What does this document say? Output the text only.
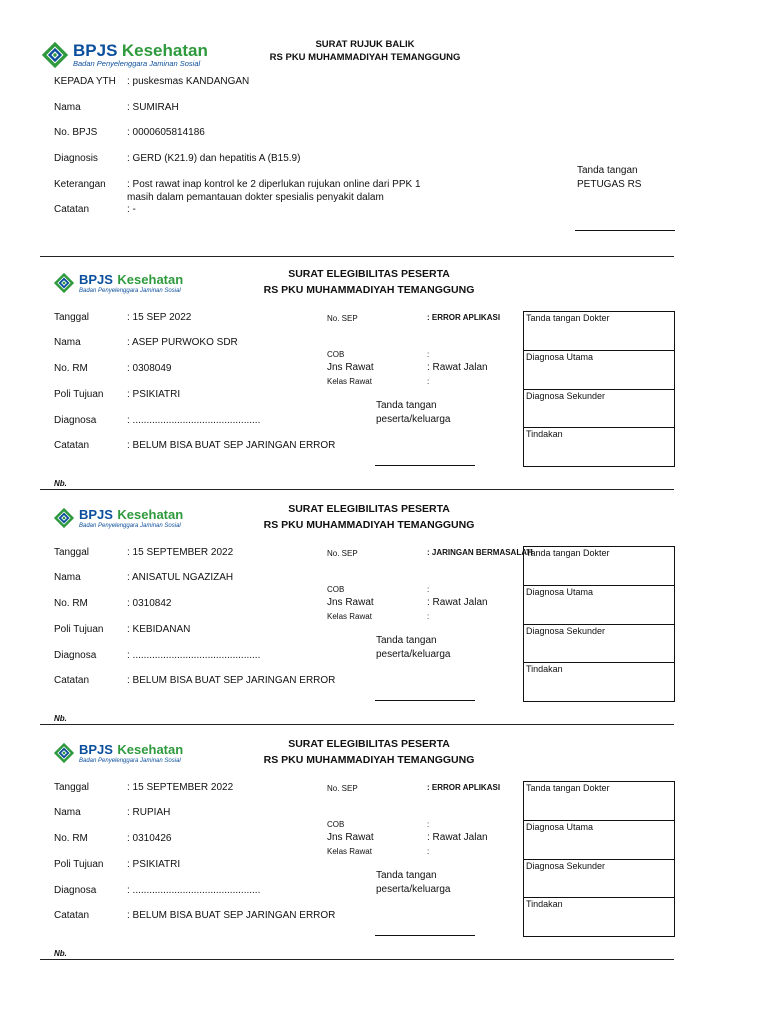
BPJS Kesehatan
Badan Penyelenggara Jaminan Sosial
SURAT RUJUK BALIK
RS PKU MUHAMMADIYAH TEMANGGUNG
KEPADA YTH : puskesmas KANDANGAN
Nama	: SUMIRAH
No. BPJS	: 0000605814186
Diagnosis	: GERD (K21.9) dan hepatitis A (B15.9)
Keterangan : Post rawat inap kontrol ke 2 diperlukan rujukan online dari PPK 1
masih dalam pemantauan dokter spesialis penyakit dalam
Catatan	: -
Tanda tangan
PETUGAS RS
BPJS Kesehatan
Badan Penyelenggara Jaminan Sosial
SURAT ELEGIBILITAS PESERTA
RS PKU MUHAMMADIYAH TEMANGGUNG
Tanggal	: 15 SEP 2022
Nama	: ASEP PURWOKO SDR
No. RM	: 0308049
Poli Tujuan : PSIKIATRI
Diagnosa	: ..............................................
Catatan	: BELUM BISA BUAT SEP JARINGAN ERROR
No. SEP	: ERROR APLIKASI
COB	:
Jns Rawat	: Rawat Jalan
Kelas Rawat	:
Tanda tangan
peserta/keluarga
Tanda tangan Dokter
Diagnosa Utama
Diagnosa Sekunder
Tindakan
Nb.
BPJS Kesehatan
Badan Penyelenggara Jaminan Sosial
SURAT ELEGIBILITAS PESERTA
RS PKU MUHAMMADIYAH TEMANGGUNG
Tanggal	: 15 SEPTEMBER 2022
Nama	: ANISATUL NGAZIZAH
No. RM	: 0310842
Poli Tujuan : KEBIDANAN
Diagnosa	: ..............................................
Catatan	: BELUM BISA BUAT SEP JARINGAN ERROR
No. SEP	: JARINGAN BERMASALAH
COB	:
Jns Rawat	: Rawat Jalan
Kelas Rawat	:
Tanda tangan
peserta/keluarga
Tanda tangan Dokter
Diagnosa Utama
Diagnosa Sekunder
Tindakan
Nb.
BPJS Kesehatan
Badan Penyelenggara Jaminan Sosial
SURAT ELEGIBILITAS PESERTA
RS PKU MUHAMMADIYAH TEMANGGUNG
Tanggal	: 15 SEPTEMBER 2022
Nama	: RUPIAH
No. RM	: 0310426
Poli Tujuan : PSIKIATRI
Diagnosa	: ..............................................
Catatan	: BELUM BISA BUAT SEP JARINGAN ERROR
No. SEP	: ERROR APLIKASI
COB	:
Jns Rawat	: Rawat Jalan
Kelas Rawat	:
Tanda tangan
peserta/keluarga
Tanda tangan Dokter
Diagnosa Utama
Diagnosa Sekunder
Tindakan
Nb.
